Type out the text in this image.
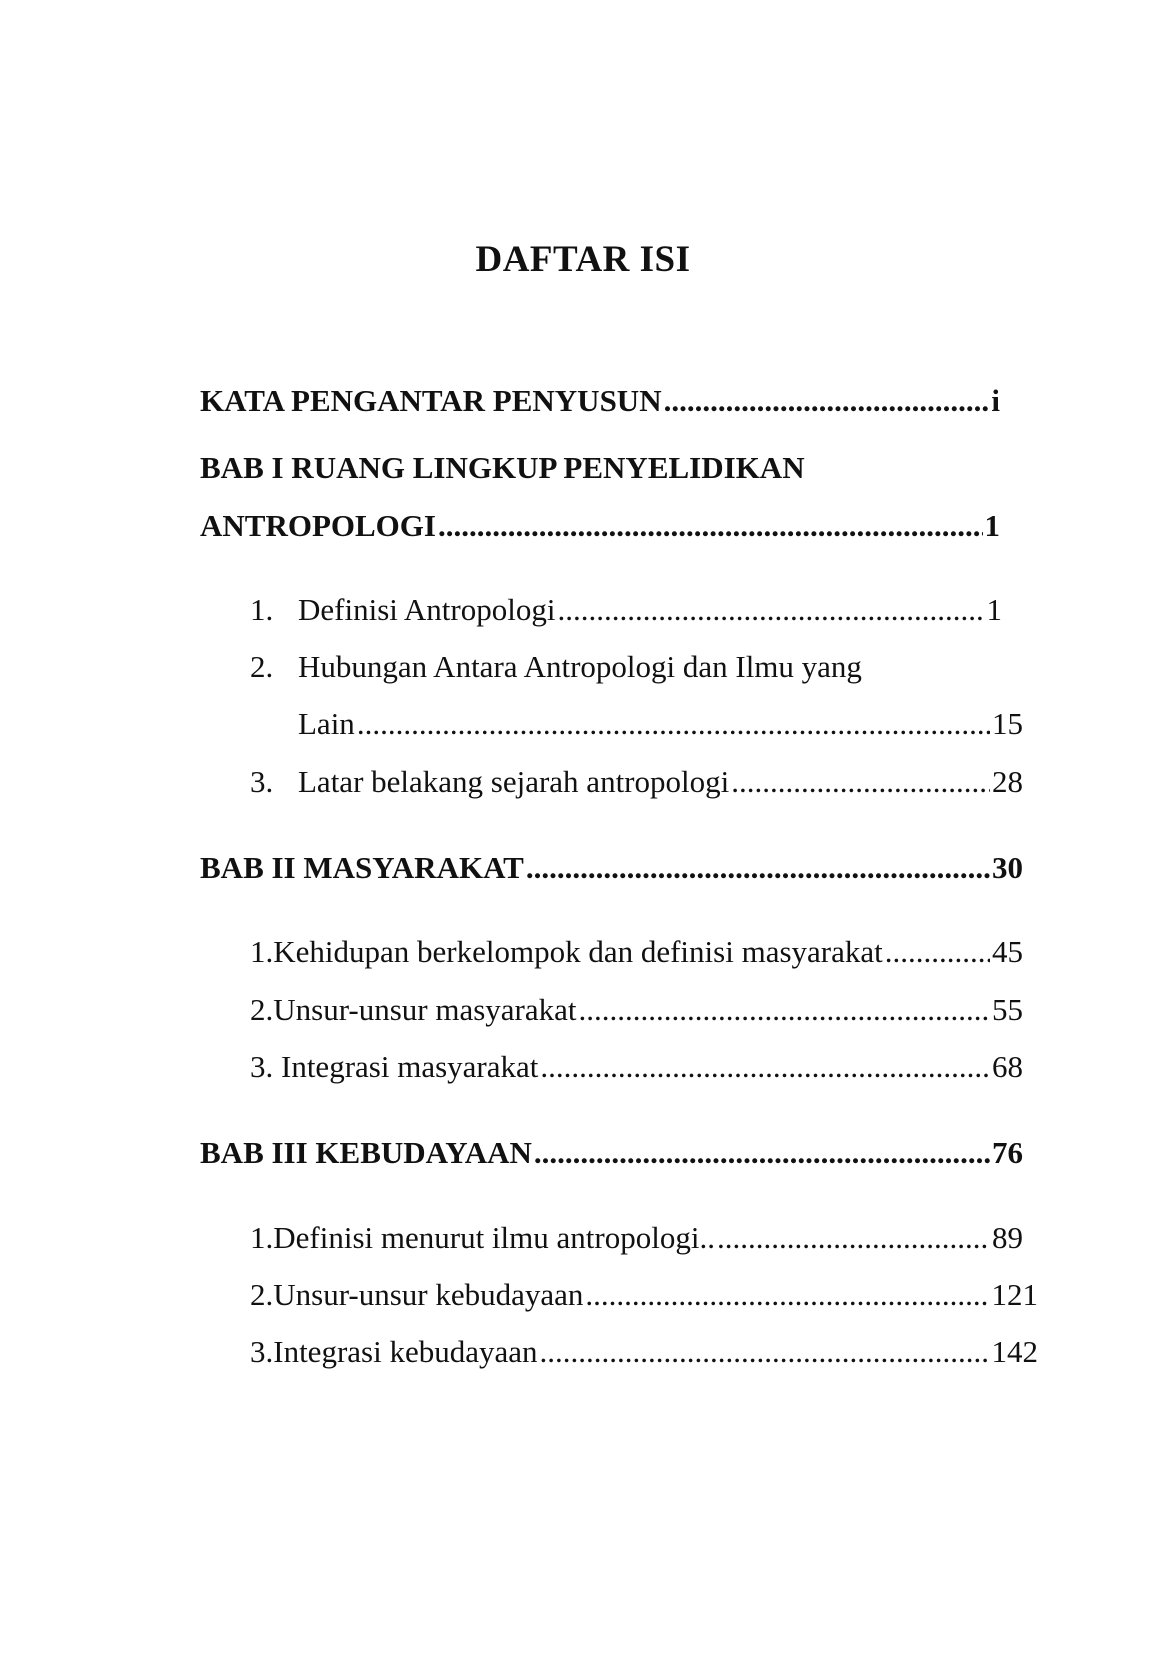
DAFTAR ISI
KATA PENGANTAR PENYUSUN .....	i
BAB I RUANG LINGKUP PENYELIDIKAN
ANTROPOLOGI .....	1
1. Definisi Antropologi .....	1
2. Hubungan Antara Antropologi dan Ilmu yang
Lain .....	15
3. Latar belakang sejarah antropologi .....	28
BAB II MASYARAKAT .....	30
1.Kehidupan berkelompok dan definisi masyarakat .....	45
2.Unsur-unsur masyarakat .....	55
3. Integrasi masyarakat .....	68
BAB III KEBUDAYAAN .....	76
1.Definisi menurut ilmu antropologi.. .....	89
2.Unsur-unsur kebudayaan .....	121
3.Integrasi kebudayaan .....	142
